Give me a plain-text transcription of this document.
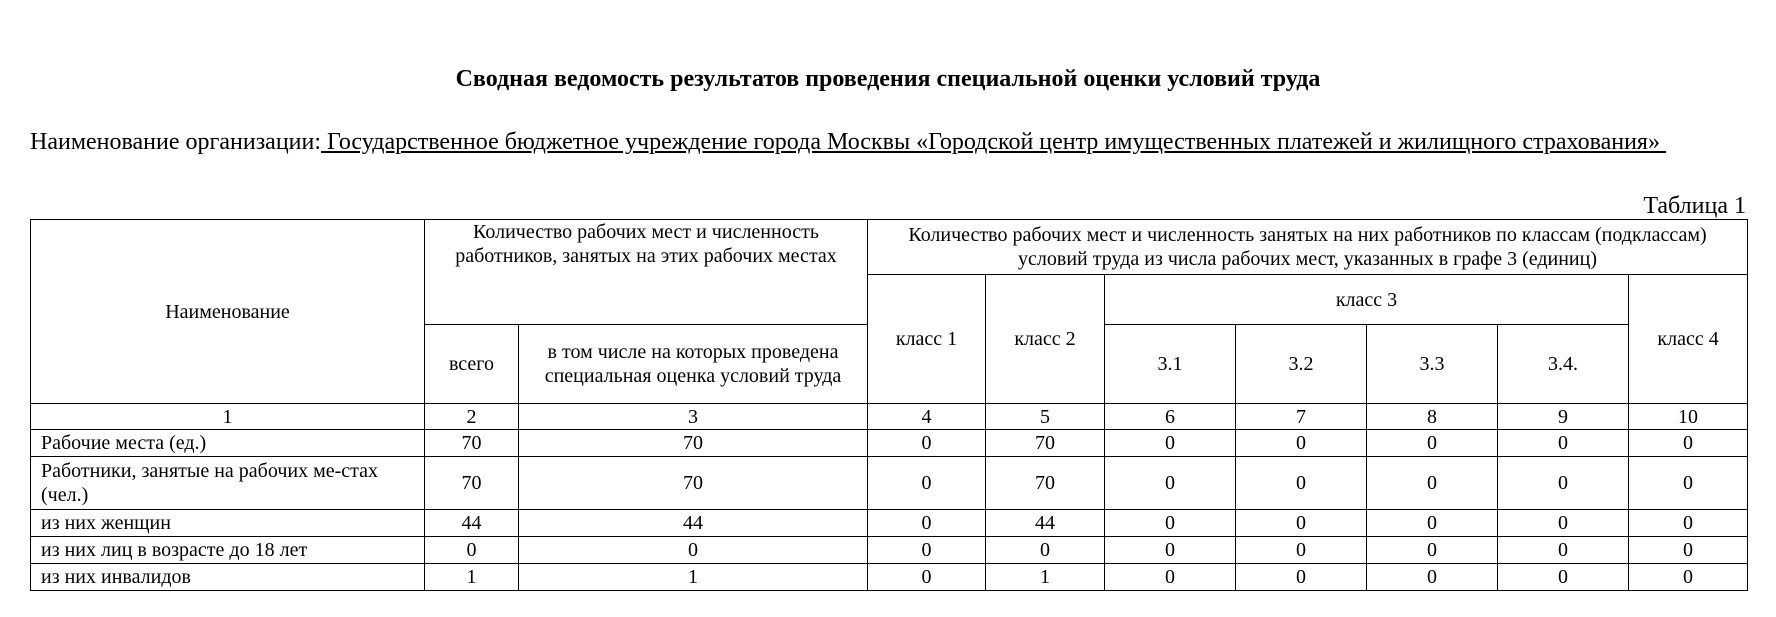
Сводная ведомость результатов проведения специальной оценки условий труда
Наименование организации: Государственное бюджетное учреждение города Москвы «Городской центр имущественных платежей и жилищного страхования»
Таблица 1
Наименование	Количество рабочих мест и численность работников, занятых на этих рабочих местах		Количество рабочих мест и численность занятых на них работников по классам (подклассам) условий труда из числа рабочих мест, указанных в графе 3 (единиц)						
			класс 1	класс 2	класс 3				класс 4
	всего	в том числе на которых проведена специальная оценка условий труда			3.1	3.2	3.3	3.4.	
1	2	3	4	5	6	7	8	9	10
Рабочие места (ед.)	70	70	0	70	0	0	0	0	0
Работники, занятые на рабочих ме-стах (чел.)	70	70	0	70	0	0	0	0	0
из них женщин	44	44	0	44	0	0	0	0	0
из них лиц в возрасте до 18 лет	0	0	0	0	0	0	0	0	0
из них инвалидов	1	1	0	1	0	0	0	0	0
